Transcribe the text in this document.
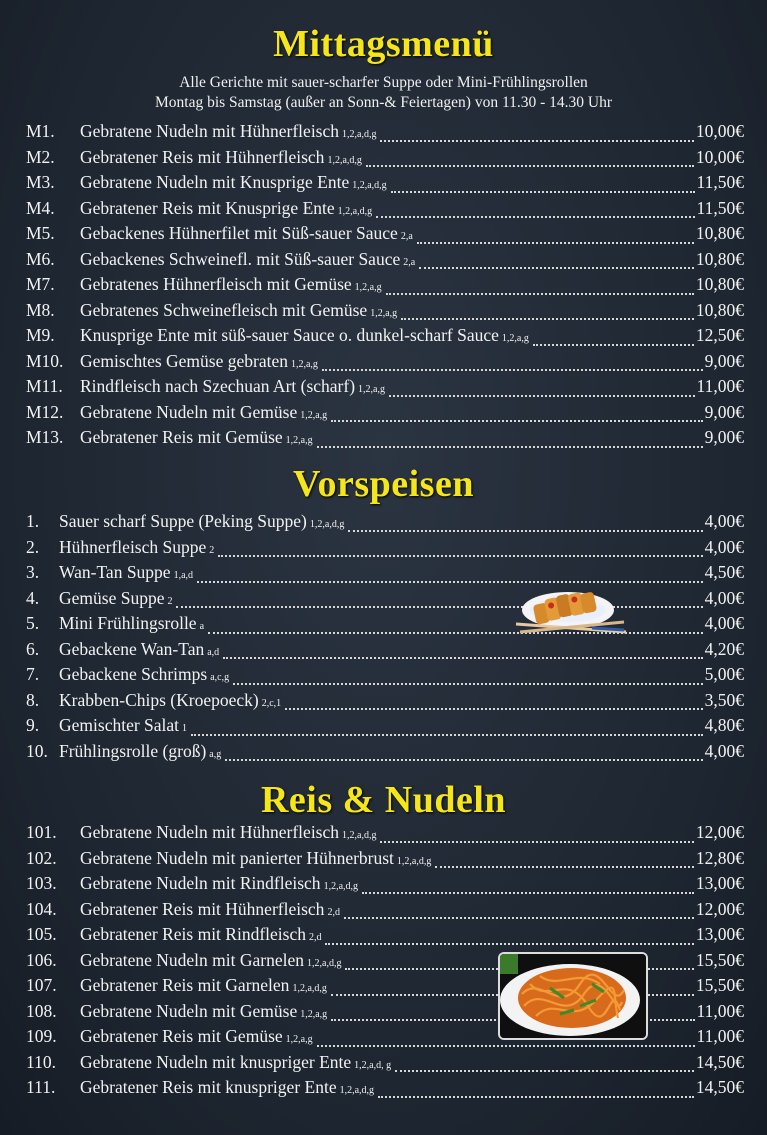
Mittagsmenü
Alle Gerichte mit sauer-scharfer Suppe oder Mini-Frühlingsrollen
Montag bis Samstag (außer an Sonn-& Feiertagen) von 11.30 - 14.30 Uhr
M1.	Gebratene Nudeln mit Hühnerfleisch 1,2,a,d,g	10,00€
M2.	Gebratener Reis mit Hühnerfleisch 1,2,a,d,g	10,00€
M3.	Gebratene Nudeln mit Knusprige Ente 1,2,a,d,g	11,50€
M4.	Gebratener Reis mit Knusprige Ente 1,2,a,d,g	11,50€
M5.	Gebackenes Hühnerfilet mit Süß-sauer Sauce 2,a	10,80€
M6.	Gebackenes Schweinefl. mit Süß-sauer Sauce 2,a	10,80€
M7.	Gebratenes Hühnerfleisch mit Gemüse 1,2,a,g	10,80€
M8.	Gebratenes Schweinefleisch mit Gemüse 1,2,a,g	10,80€
M9.	Knusprige Ente mit süß-sauer Sauce o. dunkel-scharf Sauce 1,2,a,g	12,50€
M10. Gemischtes Gemüse gebraten 1,2,a,g	9,00€
M11. Rindfleisch nach Szechuan Art (scharf) 1,2,a,g	11,00€
M12. Gebratene Nudeln mit Gemüse 1,2,a,g	9,00€
M13. Gebratener Reis mit Gemüse 1,2,a,g	9,00€
Vorspeisen
1.	Sauer scharf Suppe (Peking Suppe) 1,2,a,d,g	4,00€
2.	Hühnerfleisch Suppe 2	4,00€
3.	Wan-Tan Suppe 1,a,d	4,50€
4.	Gemüse Suppe 2	4,00€
5.	Mini Frühlingsrolle a	4,00€
6.	Gebackene Wan-Tan a,d	4,20€
7.	Gebackene Schrimps a,c,g	5,00€
8.	Krabben-Chips (Kroepoeck) 2,c,1	3,50€
9.	Gemischter Salat 1	4,80€
10. Frühlingsrolle (groß) a,g	4,00€
Reis & Nudeln
101.	Gebratene Nudeln mit Hühnerfleisch 1,2,a,d,g	12,00€
102.	Gebratene Nudeln mit panierter Hühnerbrust 1,2,a,d,g	12,80€
103.	Gebratene Nudeln mit Rindfleisch 1,2,a,d,g	13,00€
104.	Gebratener Reis mit Hühnerfleisch 2,d	12,00€
105.	Gebratener Reis mit Rindfleisch 2,d	13,00€
106.	Gebratene Nudeln mit Garnelen 1,2,a,d,g	15,50€
107.	Gebratener Reis mit Garnelen 1,2,a,d,g	15,50€
108.	Gebratene Nudeln mit Gemüse 1,2,a,g	11,00€
109.	Gebratener Reis mit Gemüse 1,2,a,g	11,00€
110.	Gebratene Nudeln mit knuspriger Ente 1,2,a,d, g	14,50€
111.	Gebratener Reis mit knuspriger Ente 1,2,a,d,g	14,50€
